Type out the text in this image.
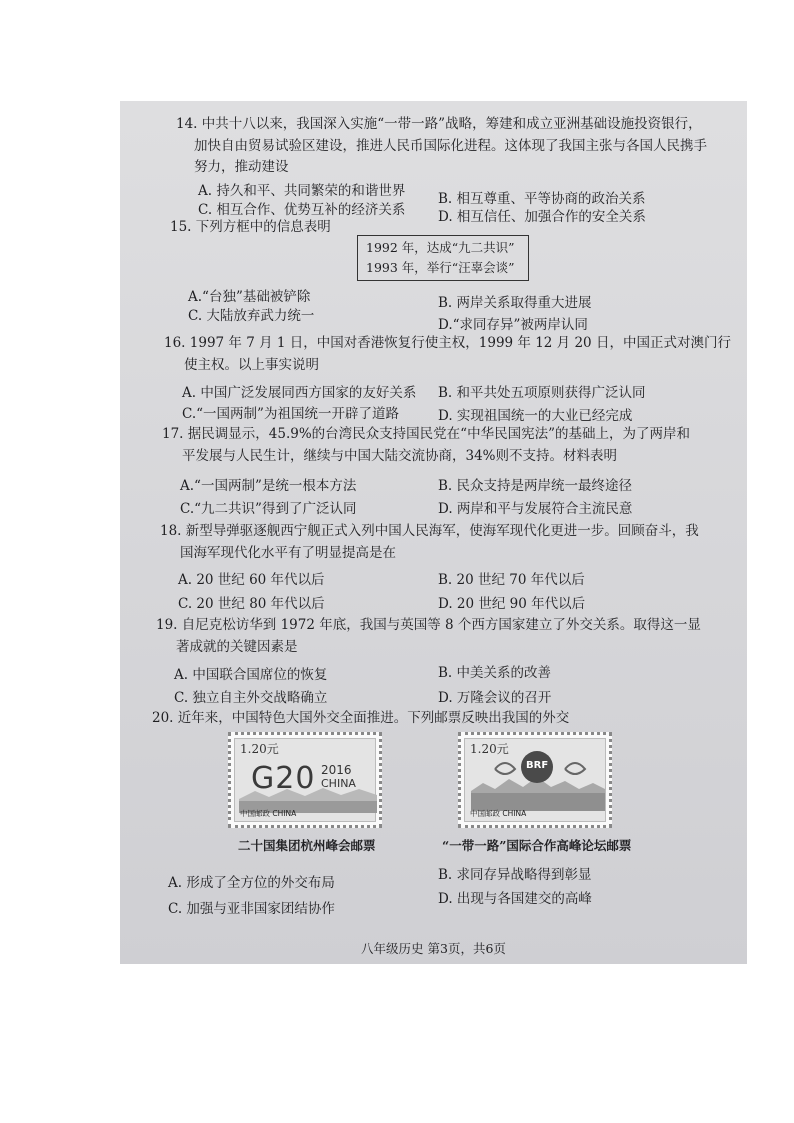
14. 中共十八以来，我国深入实施“一带一路”战略，筹建和成立亚洲基础设施投资银行，
加快自由贸易试验区建设，推进人民币国际化进程。这体现了我国主张与各国人民携手
努力，推动建设
A. 持久和平、共同繁荣的和谐世界 B. 相互尊重、平等协商的政治关系
C. 相互合作、优势互补的经济关系 D. 相互信任、加强合作的安全关系
15. 下列方框中的信息表明
1992 年，达成“九二共识”
1993 年，举行“汪辜会谈”
A.“台独”基础被铲除	B. 两岸关系取得重大进展
C. 大陆放弃武力统一
D.“求同存异”被两岸认同
16. 1997 年 7 月 1 日，中国对香港恢复行使主权，1999 年 12 月 20 日，中国正式对澳门行
使主权。以上事实说明
A. 中国广泛发展同西方国家的友好关系 B. 和平共处五项原则获得广泛认同
C.“一国两制”为祖国统一开辟了道路	D. 实现祖国统一的大业已经完成
17. 据民调显示，45.9%的台湾民众支持国民党在“中华民国宪法”的基础上，为了两岸和
平发展与人民生计，继续与中国大陆交流协商，34%则不支持。材料表明
A.“一国两制”是统一根本方法	B. 民众支持是两岸统一最终途径
C.“九二共识”得到了广泛认同	D. 两岸和平与发展符合主流民意
18. 新型导弹驱逐舰西宁舰正式入列中国人民海军，使海军现代化更进一步。回顾奋斗，我
国海军现代化水平有了明显提高是在
A. 20 世纪 60 年代以后	B. 20 世纪 70 年代以后
C. 20 世纪 80 年代以后	D. 20 世纪 90 年代以后
19. 自尼克松访华到 1972 年底，我国与英国等 8 个西方国家建立了外交关系。取得这一显
著成就的关键因素是
A. 中国联合国席位的恢复	B. 中美关系的改善
C. 独立自主外交战略确立	D. 万隆会议的召开
20. 近年来，中国特色大国外交全面推进。下列邮票反映出我国的外交
1.20元
G20 2016
CHINA
中国邮政 CHINA
二十国集团杭州峰会邮票
1.20元
BRF
中国邮政 CHINA
“一带一路”国际合作高峰论坛邮票
A. 形成了全方位的外交布局	B. 求同存异战略得到彰显
C. 加强与亚非国家团结协作
D. 出现与各国建交的高峰
八年级历史 第3页，共6页
